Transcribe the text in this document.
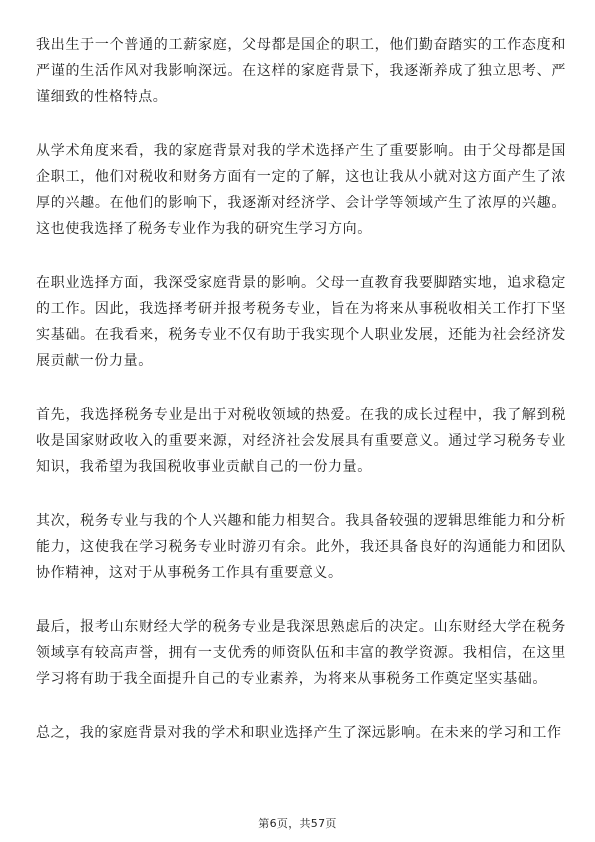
我出生于一个普通的工薪家庭，父母都是国企的职工，他们勤奋踏实的工作态度和严谨的生活作风对我影响深远。在这样的家庭背景下，我逐渐养成了独立思考、严谨细致的性格特点。

从学术角度来看，我的家庭背景对我的学术选择产生了重要影响。由于父母都是国企职工，他们对税收和财务方面有一定的了解，这也让我从小就对这方面产生了浓厚的兴趣。在他们的影响下，我逐渐对经济学、会计学等领域产生了浓厚的兴趣。这也使我选择了税务专业作为我的研究生学习方向。

在职业选择方面，我深受家庭背景的影响。父母一直教育我要脚踏实地，追求稳定的工作。因此，我选择考研并报考税务专业，旨在为将来从事税收相关工作打下坚实基础。在我看来，税务专业不仅有助于我实现个人职业发展，还能为社会经济发展贡献一份力量。

首先，我选择税务专业是出于对税收领域的热爱。在我的成长过程中，我了解到税收是国家财政收入的重要来源，对经济社会发展具有重要意义。通过学习税务专业知识，我希望为我国税收事业贡献自己的一份力量。

其次，税务专业与我的个人兴趣和能力相契合。我具备较强的逻辑思维能力和分析能力，这使我在学习税务专业时游刃有余。此外，我还具备良好的沟通能力和团队协作精神，这对于从事税务工作具有重要意义。

最后，报考山东财经大学的税务专业是我深思熟虑后的决定。山东财经大学在税务领域享有较高声誉，拥有一支优秀的师资队伍和丰富的教学资源。我相信，在这里学习将有助于我全面提升自己的专业素养，为将来从事税务工作奠定坚实基础。

总之，我的家庭背景对我的学术和职业选择产生了深远影响。在未来的学习和工作

第6页，共57页
